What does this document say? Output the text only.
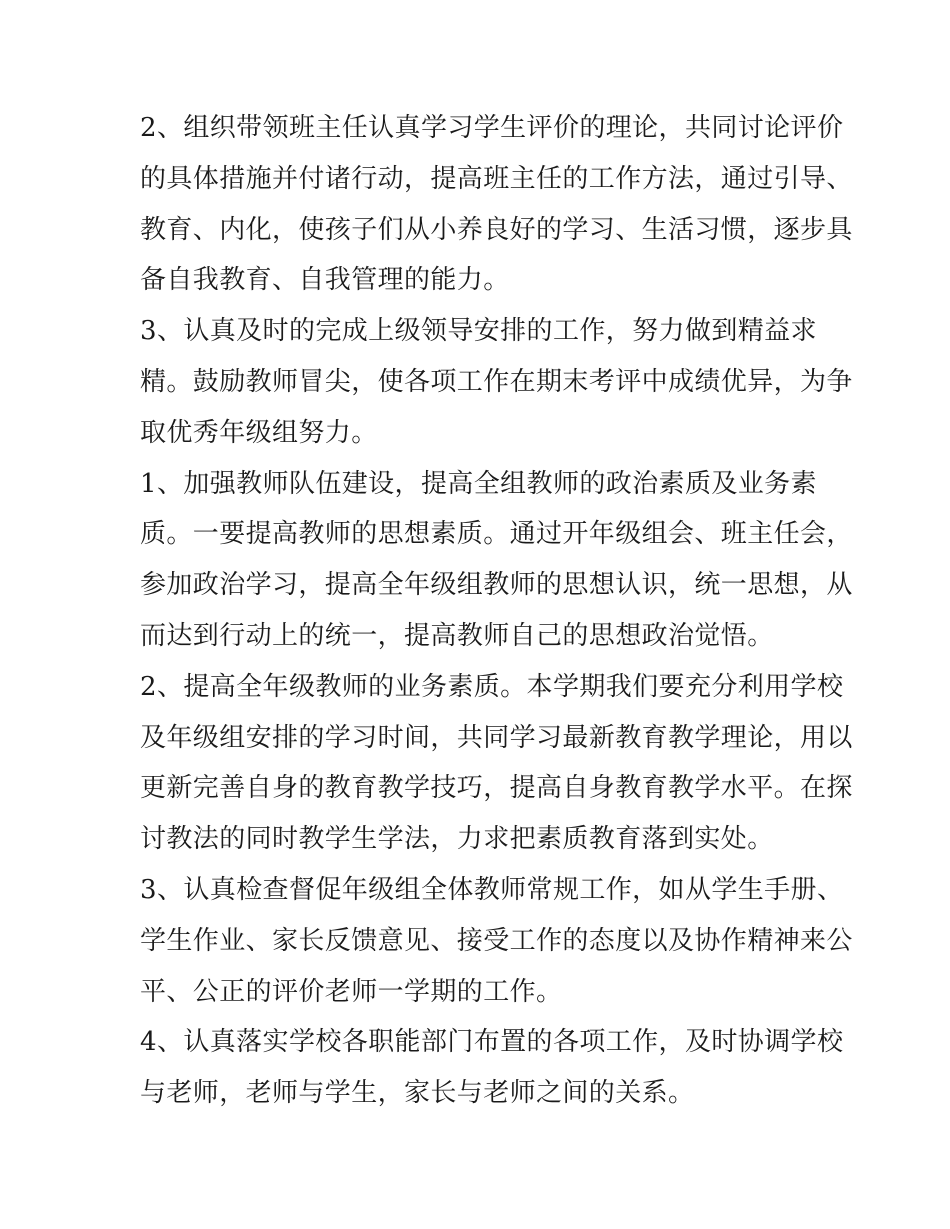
2、组织带领班主任认真学习学生评价的理论，共同讨论评价
的具体措施并付诸行动，提高班主任的工作方法，通过引导、
教育、内化，使孩子们从小养良好的学习、生活习惯，逐步具
备自我教育、自我管理的能力。

3、认真及时的完成上级领导安排的工作，努力做到精益求
精。鼓励教师冒尖，使各项工作在期末考评中成绩优异，为争
取优秀年级组努力。

1、加强教师队伍建设，提高全组教师的政治素质及业务素
质。一要提高教师的思想素质。通过开年级组会、班主任会，
参加政治学习，提高全年级组教师的思想认识，统一思想，从
而达到行动上的统一，提高教师自己的思想政治觉悟。

2、提高全年级教师的业务素质。本学期我们要充分利用学校
及年级组安排的学习时间，共同学习最新教育教学理论，用以
更新完善自身的教育教学技巧，提高自身教育教学水平。在探
讨教法的同时教学生学法，力求把素质教育落到实处。

3、认真检查督促年级组全体教师常规工作，如从学生手册、
学生作业、家长反馈意见、接受工作的态度以及协作精神来公
平、公正的评价老师一学期的工作。

4、认真落实学校各职能部门布置的各项工作，及时协调学校
与老师，老师与学生，家长与老师之间的关系。
